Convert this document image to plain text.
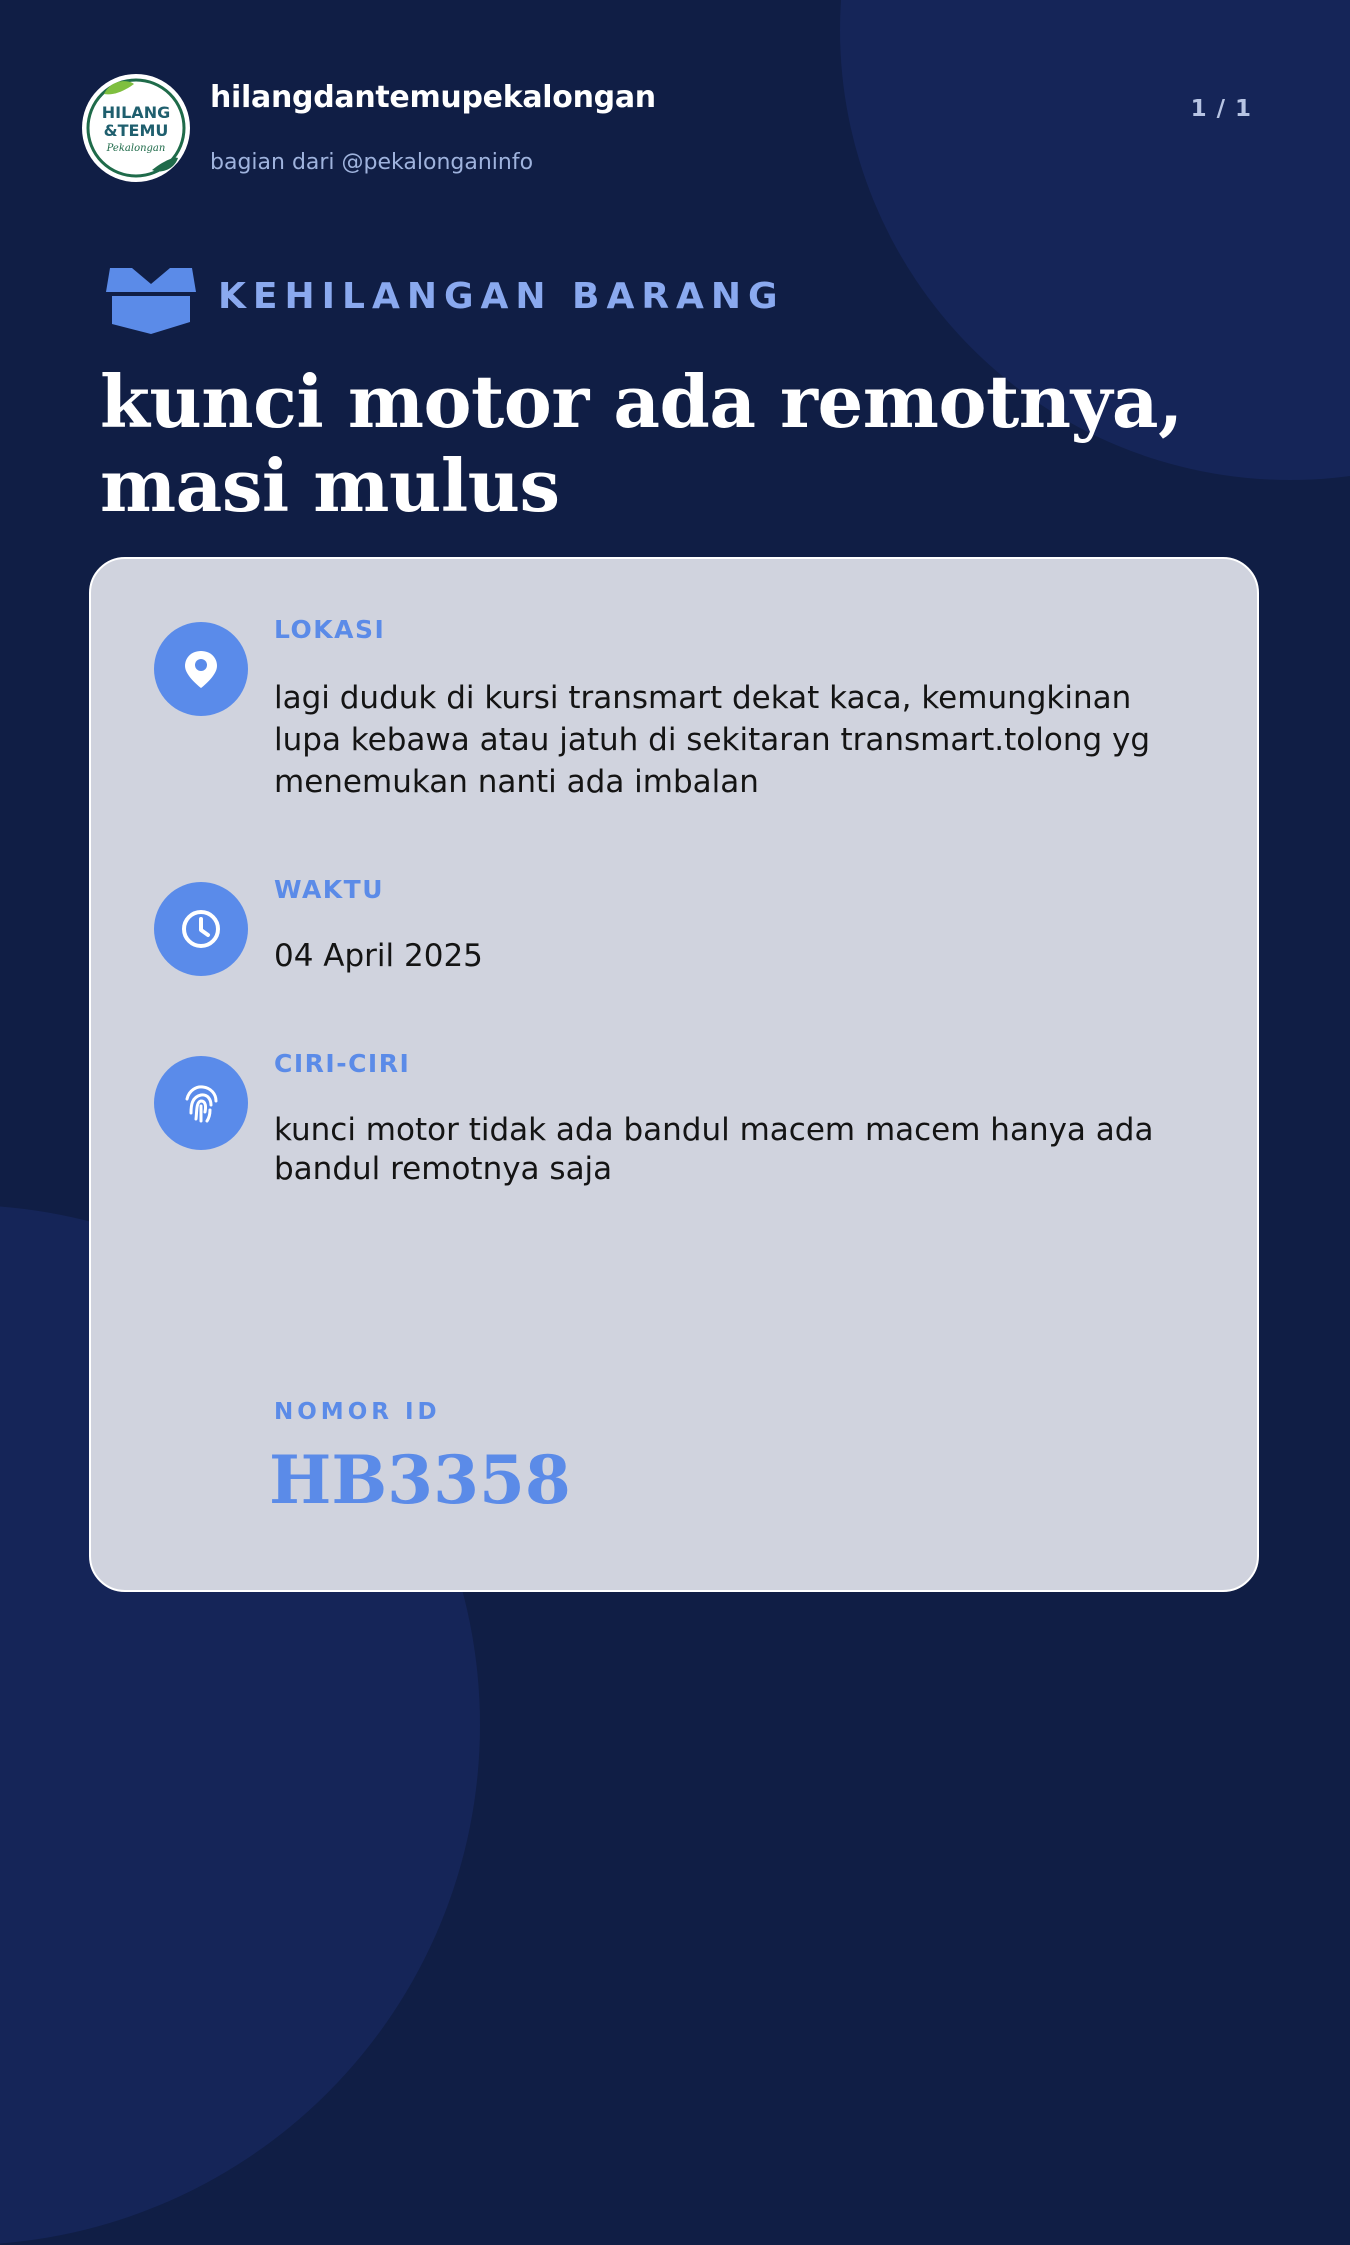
HILANG
&TEMU
Pekalongan
hilangdantemupekalongan
bagian dari @pekalonganinfo
1 / 1
KEHILANGAN BARANG
kunci motor ada remotnya, masi mulus
LOKASI
lagi duduk di kursi transmart dekat kaca, kemungkinan lupa kebawa atau jatuh di sekitaran transmart.tolong yg menemukan nanti ada imbalan
WAKTU
04 April 2025
CIRI-CIRI
kunci motor tidak ada bandul macem macem hanya ada bandul remotnya saja
NOMOR ID
HB3358
